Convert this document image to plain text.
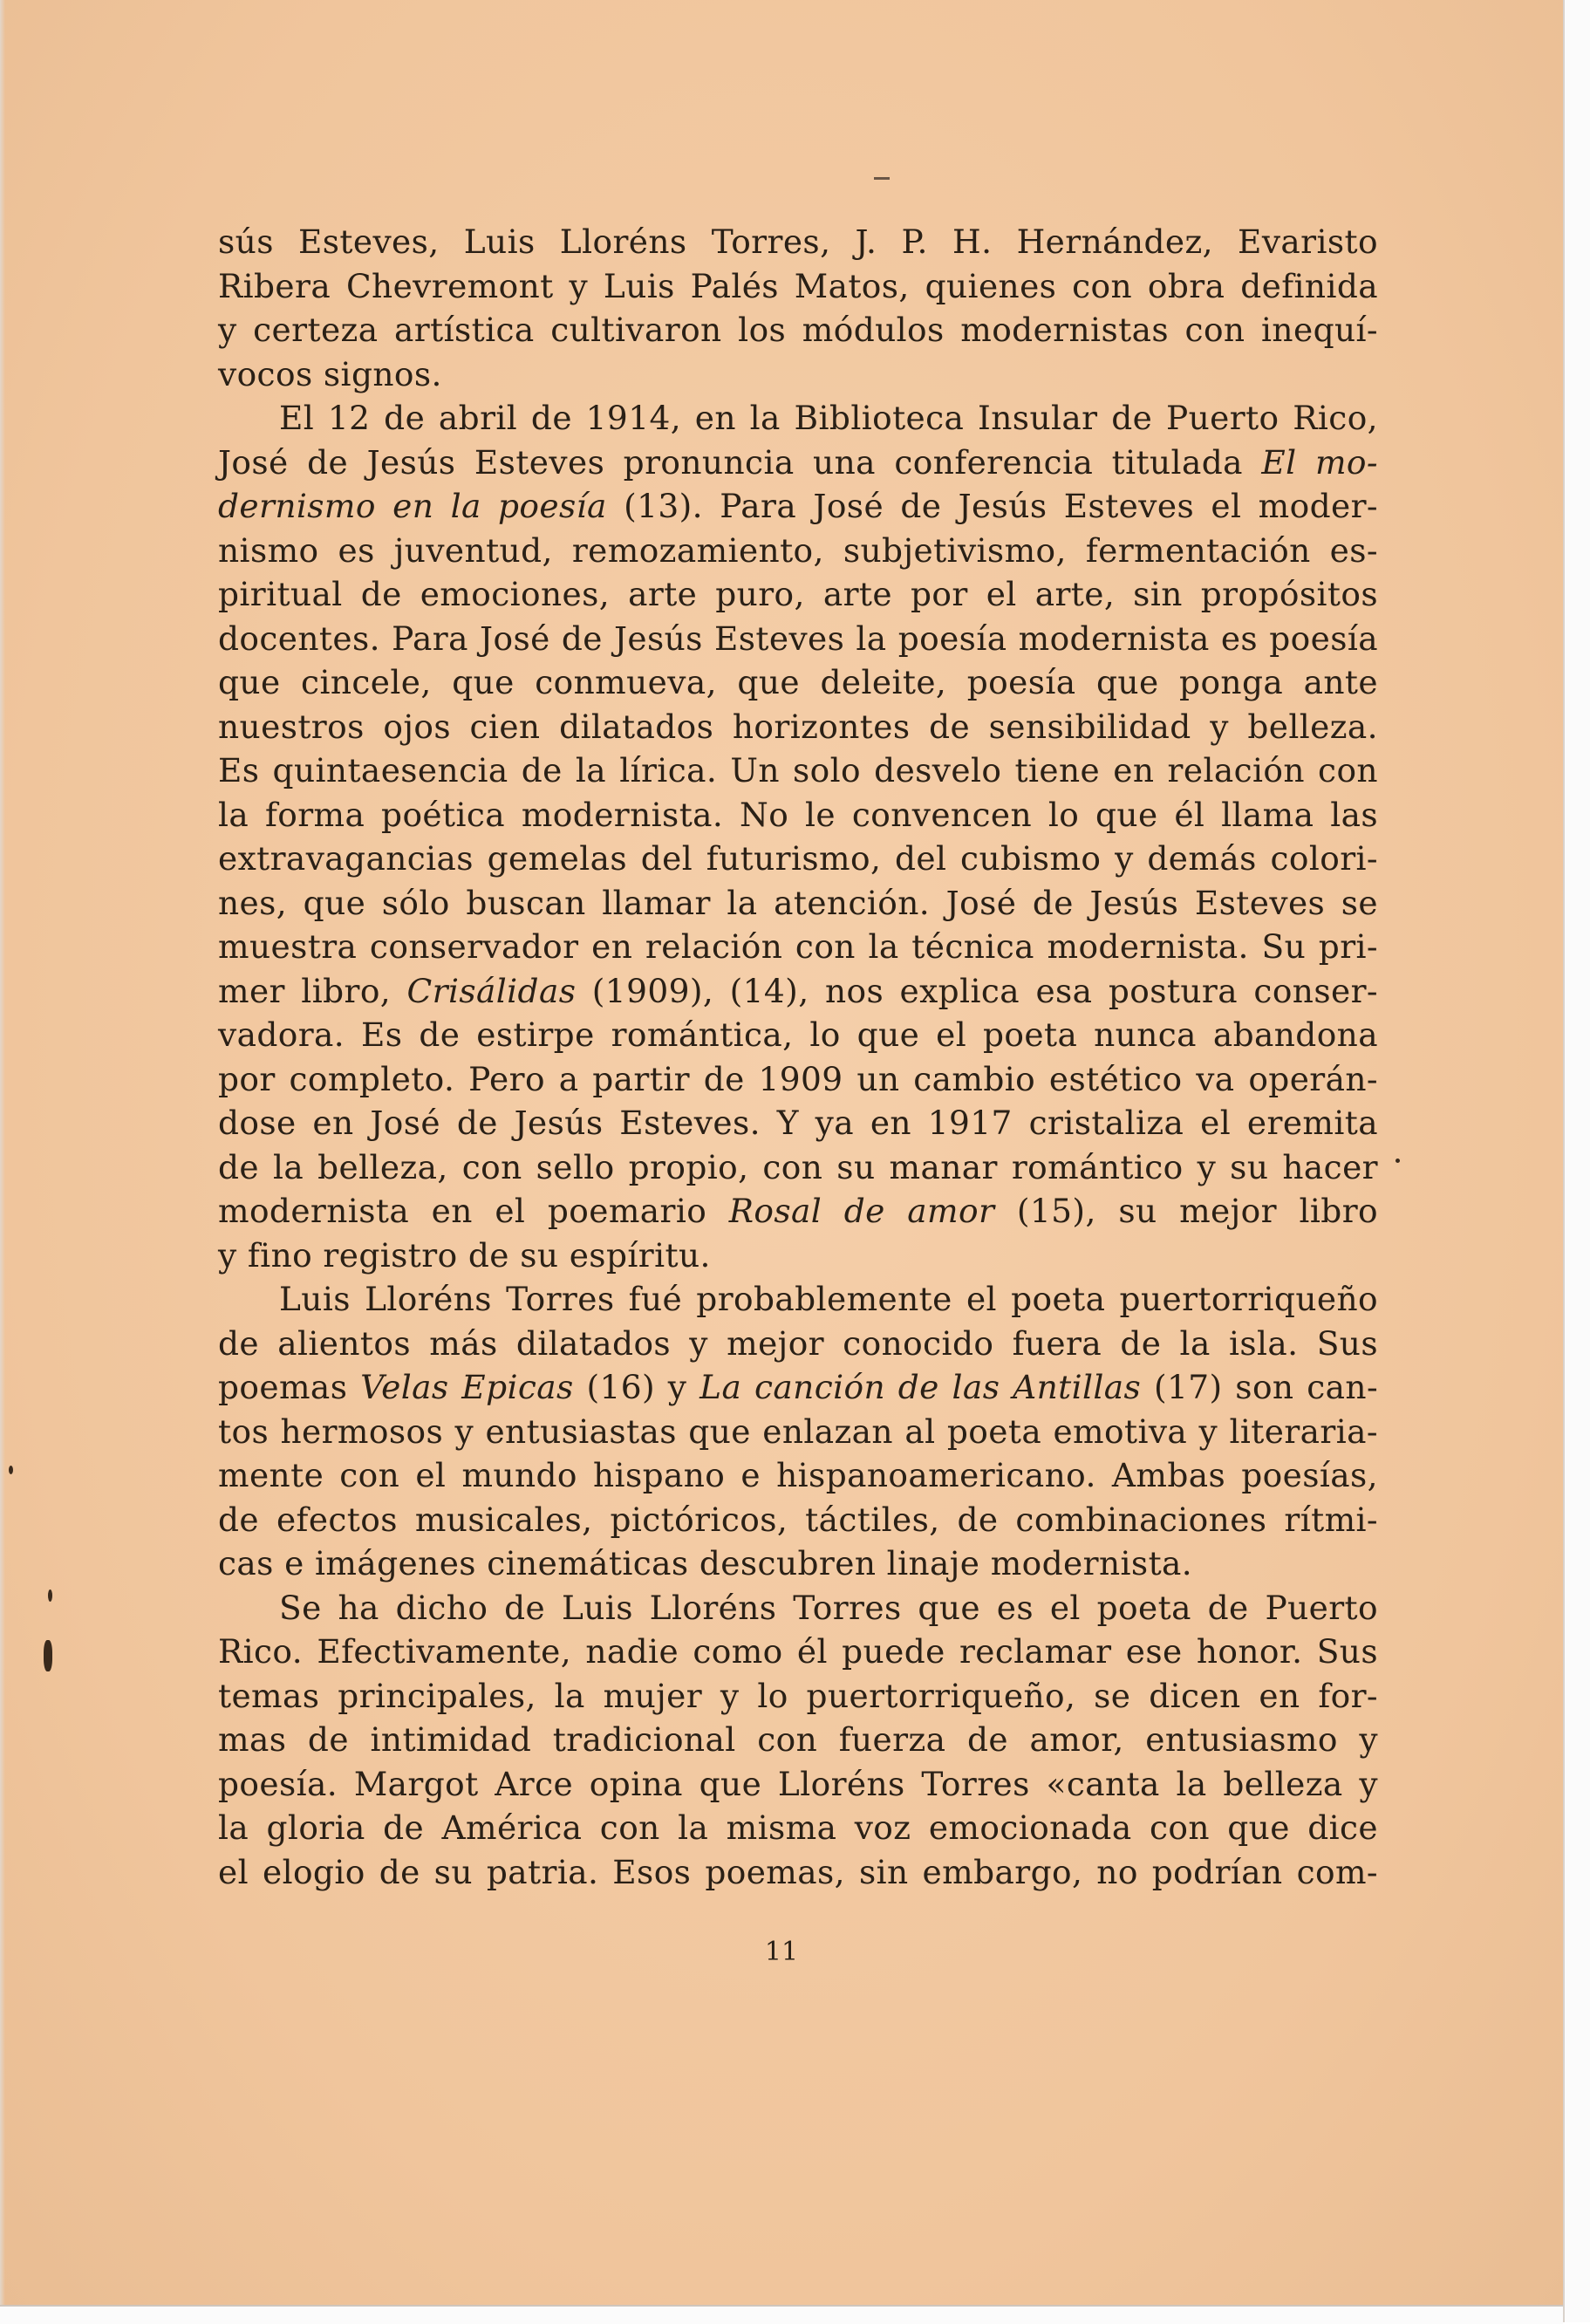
sús Esteves, Luis Lloréns Torres, J. P. H. Hernández, Evaristo
Ribera Chevremont y Luis Palés Matos, quienes con obra definida
y certeza artística cultivaron los módulos modernistas con inequí-
vocos signos.

El 12 de abril de 1914, en la Biblioteca Insular de Puerto Rico,
José de Jesús Esteves pronuncia una conferencia titulada El mo-
dernismo en la poesía (13). Para José de Jesús Esteves el moder-
nismo es juventud, remozamiento, subjetivismo, fermentación es-
piritual de emociones, arte puro, arte por el arte, sin propósitos
docentes. Para José de Jesús Esteves la poesía modernista es poesía
que cincele, que conmueva, que deleite, poesía que ponga ante
nuestros ojos cien dilatados horizontes de sensibilidad y belleza.
Es quintaesencia de la lírica. Un solo desvelo tiene en relación con
la forma poética modernista. No le convencen lo que él llama las
extravagancias gemelas del futurismo, del cubismo y demás colori-
nes, que sólo buscan llamar la atención. José de Jesús Esteves se
muestra conservador en relación con la técnica modernista. Su pri-
mer libro, Crisálidas (1909), (14), nos explica esa postura conser-
vadora. Es de estirpe romántica, lo que el poeta nunca abandona
por completo. Pero a partir de 1909 un cambio estético va operán-
dose en José de Jesús Esteves. Y ya en 1917 cristaliza el eremita
de la belleza, con sello propio, con su manar romántico y su hacer
modernista en el poemario Rosal de amor (15), su mejor libro
y fino registro de su espíritu.

Luis Lloréns Torres fué probablemente el poeta puertorriqueño
de alientos más dilatados y mejor conocido fuera de la isla. Sus
poemas Velas Epicas (16) y La canción de las Antillas (17) son can-
tos hermosos y entusiastas que enlazan al poeta emotiva y literaria-
mente con el mundo hispano e hispanoamericano. Ambas poesías,
de efectos musicales, pictóricos, táctiles, de combinaciones rítmi-
cas e imágenes cinemáticas descubren linaje modernista.

Se ha dicho de Luis Lloréns Torres que es el poeta de Puerto
Rico. Efectivamente, nadie como él puede reclamar ese honor. Sus
temas principales, la mujer y lo puertorriqueño, se dicen en for-
mas de intimidad tradicional con fuerza de amor, entusiasmo y
poesía. Margot Arce opina que Lloréns Torres «canta la belleza y
la gloria de América con la misma voz emocionada con que dice
el elogio de su patria. Esos poemas, sin embargo, no podrían com-

11
